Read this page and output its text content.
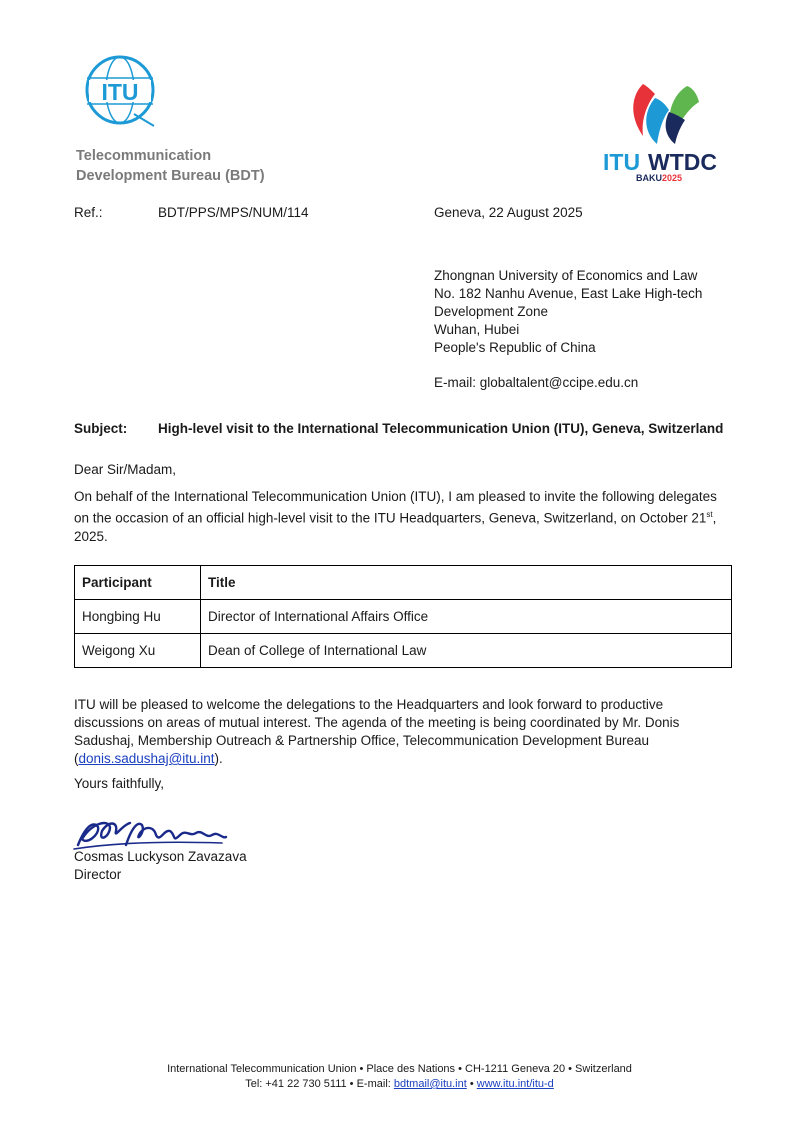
ITU
Telecommunication
Development Bureau (BDT)
ITU WTDC
BAKU 2025
Ref.:	BDT/PPS/MPS/NUM/114	Geneva, 22 August 2025
Zhongnan University of Economics and Law
No. 182 Nanhu Avenue, East Lake High-tech
Development Zone
Wuhan, Hubei
People's Republic of China
E-mail: globaltalent@ccipe.edu.cn
Subject: High-level visit to the International Telecommunication Union (ITU), Geneva, Switzerland
Dear Sir/Madam,
On behalf of the International Telecommunication Union (ITU), I am pleased to invite the following delegates on the occasion of an official high-level visit to the ITU Headquarters, Geneva, Switzerland, on October 21st, 2025.
Participant	Title
Hongbing Hu	Director of International Affairs Office
Weigong Xu	Dean of College of International Law
ITU will be pleased to welcome the delegations to the Headquarters and look forward to productive discussions on areas of mutual interest. The agenda of the meeting is being coordinated by Mr. Donis Sadushaj, Membership Outreach & Partnership Office, Telecommunication Development Bureau (donis.sadushaj@itu.int).
Yours faithfully,
Cosmas Luckyson Zavazava
Director
International Telecommunication Union • Place des Nations • CH-1211 Geneva 20 • Switzerland
Tel: +41 22 730 5111 • E-mail: bdtmail@itu.int • www.itu.int/itu-d
